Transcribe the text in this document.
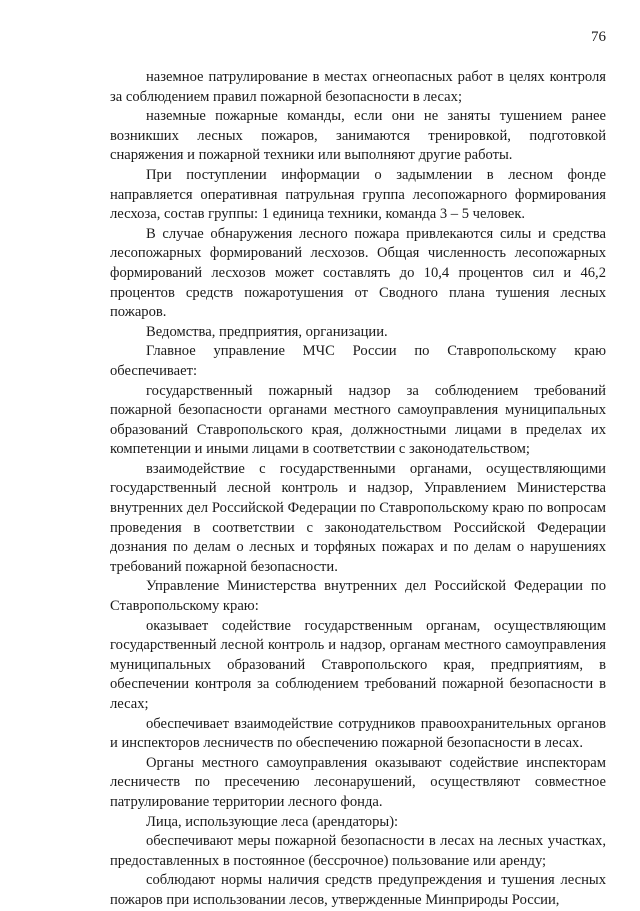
76

наземное патрулирование в местах огнеопасных работ в целях контроля за соблюдением правил пожарной безопасности в лесах;

наземные пожарные команды, если они не заняты тушением ранее возникших лесных пожаров, занимаются тренировкой, подготовкой снаряжения и пожарной техники или выполняют другие работы.

При поступлении информации о задымлении в лесном фонде направляется оперативная патрульная группа лесопожарного формирования лесхоза, состав группы: 1 единица техники, команда 3 – 5 человек.

В случае обнаружения лесного пожара привлекаются силы и средства лесопожарных формирований лесхозов. Общая численность лесопожарных формирований лесхозов может составлять до 10,4 процентов сил и 46,2 процентов средств пожаротушения от Сводного плана тушения лесных пожаров.

Ведомства, предприятия, организации.

Главное управление МЧС России по Ставропольскому краю обеспечивает:

государственный пожарный надзор за соблюдением требований пожарной безопасности органами местного самоуправления муниципальных образований Ставропольского края, должностными лицами в пределах их компетенции и иными лицами в соответствии с законодательством;

взаимодействие с государственными органами, осуществляющими государственный лесной контроль и надзор, Управлением Министерства внутренних дел Российской Федерации по Ставропольскому краю по вопросам проведения в соответствии с законодательством Российской Федерации дознания по делам о лесных и торфяных пожарах и по делам о нарушениях требований пожарной безопасности.

Управление Министерства внутренних дел Российской Федерации по Ставропольскому краю:

оказывает содействие государственным органам, осуществляющим государственный лесной контроль и надзор, органам местного самоуправления муниципальных образований Ставропольского края, предприятиям, в обеспечении контроля за соблюдением требований пожарной безопасности в лесах;

обеспечивает взаимодействие сотрудников правоохранительных органов и инспекторов лесничеств по обеспечению пожарной безопасности в лесах.

Органы местного самоуправления оказывают содействие инспекторам лесничеств по пресечению лесонарушений, осуществляют совместное патрулирование территории лесного фонда.

Лица, использующие леса (арендаторы):

обеспечивают меры пожарной безопасности в лесах на лесных участках, предоставленных в постоянное (бессрочное) пользование или аренду;

соблюдают нормы наличия средств предупреждения и тушения лесных пожаров при использовании лесов, утвержденные Минприроды России,
